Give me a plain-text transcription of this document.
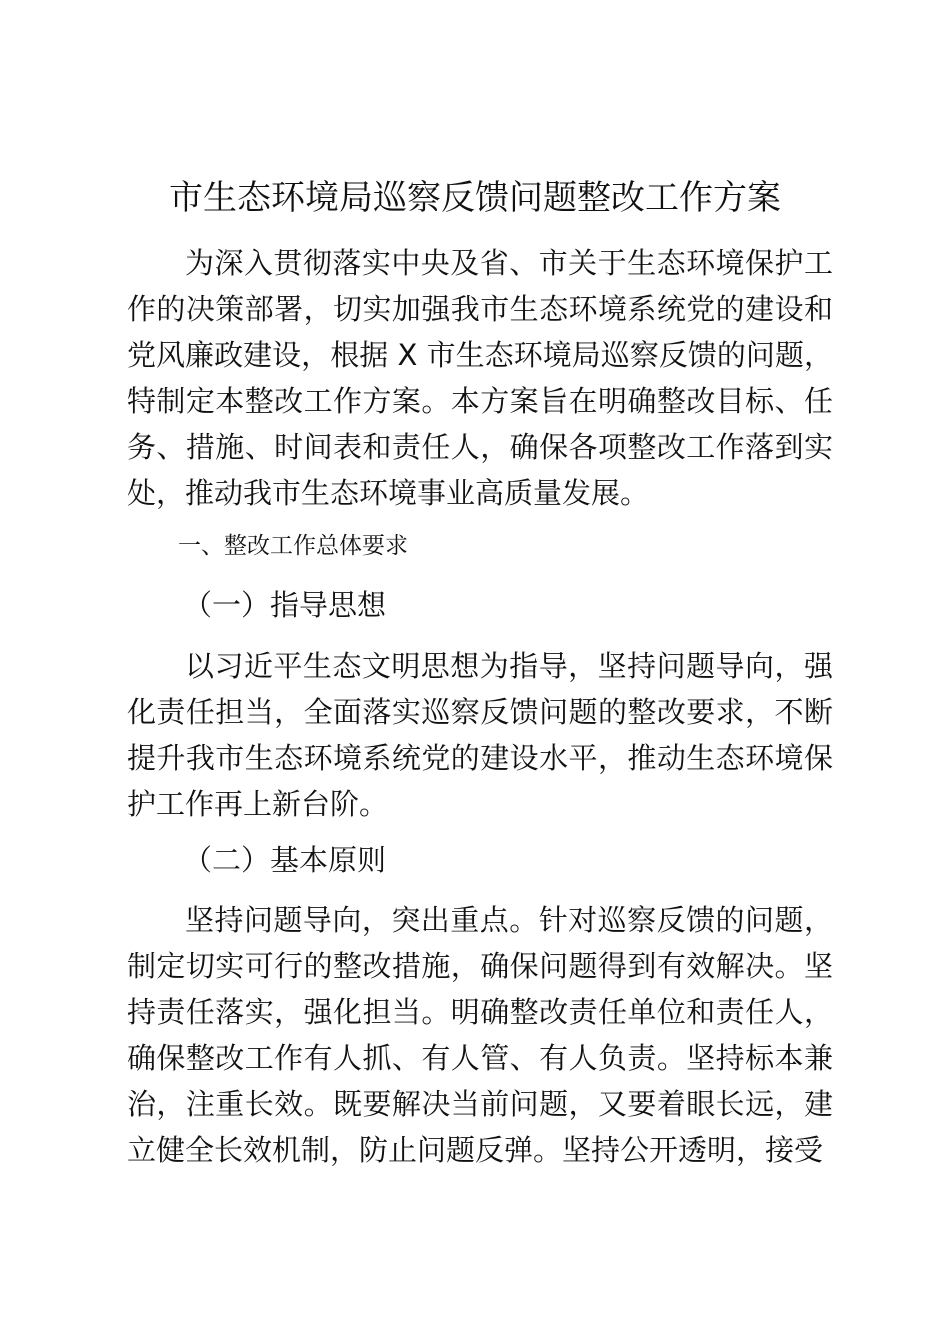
市生态环境局巡察反馈问题整改工作方案

为深入贯彻落实中央及省、市关于生态环境保护工作的决策部署，切实加强我市生态环境系统党的建设和党风廉政建设，根据 X 市生态环境局巡察反馈的问题，特制定本整改工作方案。本方案旨在明确整改目标、任务、措施、时间表和责任人，确保各项整改工作落到实处，推动我市生态环境事业高质量发展。

一、整改工作总体要求
（一）指导思想

以习近平生态文明思想为指导，坚持问题导向，强化责任担当，全面落实巡察反馈问题的整改要求，不断提升我市生态环境系统党的建设水平，推动生态环境保护工作再上新台阶。

（二）基本原则

坚持问题导向，突出重点。针对巡察反馈的问题，制定切实可行的整改措施，确保问题得到有效解决。坚持责任落实，强化担当。明确整改责任单位和责任人，确保整改工作有人抓、有人管、有人负责。坚持标本兼治，注重长效。既要解决当前问题，又要着眼长远，建立健全长效机制，防止问题反弹。坚持公开透明，接受
